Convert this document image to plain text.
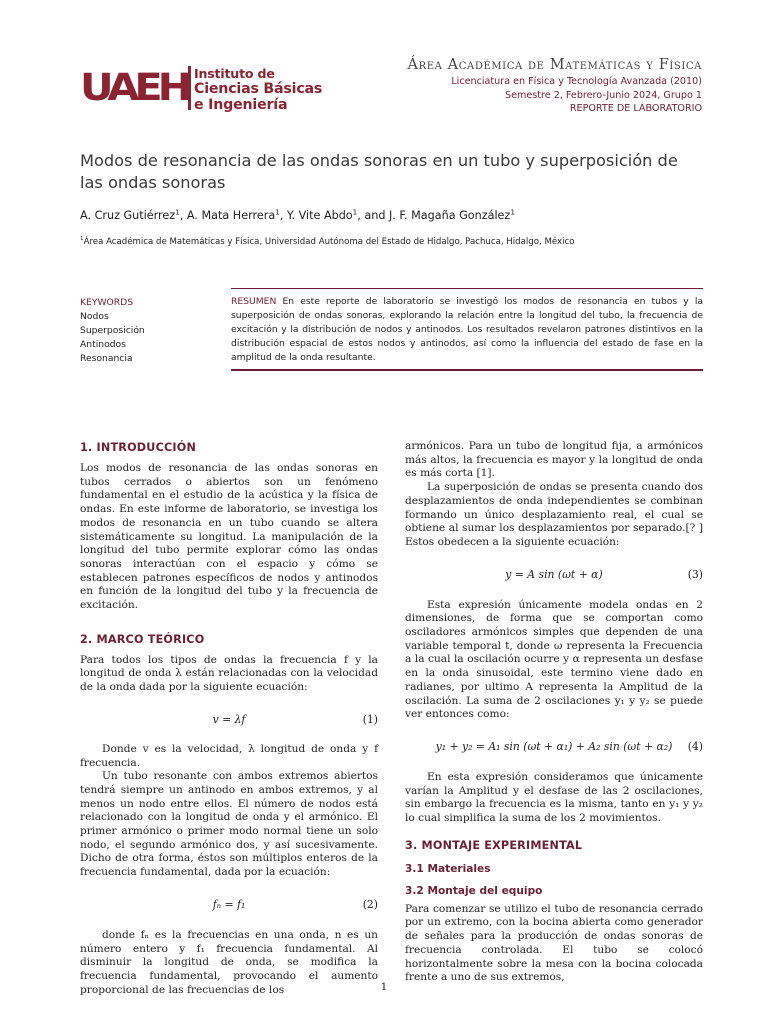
UAEH Instituto de
Ciencias Básicas
e Ingeniería
Área Académica de Matemáticas y Física
Licenciatura en Física y Tecnología Avanzada (2010)
Semestre 2, Febrero-Junio 2024, Grupo 1
REPORTE DE LABORATORIO
Modos de resonancia de las ondas sonoras en un tubo y superposición de las ondas sonoras
A. Cruz Gutiérrez$^1$, A. Mata Herrera$^1$, Y. Vite Abdo$^1$, and J. F. Magaña González$^1$
$^1$Área Académica de Matemáticas y Física, Universidad Autónoma del Estado de Hidalgo, Pachuca, Hidalgo, México
KEYWORDS
Nodos
Superposición
Antinodos
Resonancia
RESUMEN En este reporte de laboratorio se investigó los modos de resonancia en tubos y la superposición de ondas sonoras, explorando la relación entre la longitud del tubo, la frecuencia de excitación y la distribución de nodos y antinodos. Los resultados revelaron patrones distintivos en la distribución espacial de estos nodos y antinodos, así como la influencia del estado de fase en la amplitud de la onda resultante.
1. INTRODUCCIÓN

Los modos de resonancia de las ondas sonoras en tubos cerrados o abiertos son un fenómeno fundamental en el estudio de la acústica y la física de ondas. En este informe de laboratorio, se investiga los modos de resonancia en un tubo cuando se altera sistemáticamente su longitud. La manipulación de la longitud del tubo permite explorar cómo las ondas sonoras interactúan con el espacio y cómo se establecen patrones específicos de nodos y antinodos en función de la longitud del tubo y la frecuencia de excitación.

2. MARCO TEÓRICO

Para todos los tipos de ondas la frecuencia f y la longitud de onda λ están relacionadas con la velocidad de la onda dada por la siguiente ecuación:

v = λf	(1)

Donde v es la velocidad, λ longitud de onda y f frecuencia.

Un tubo resonante con ambos extremos abiertos tendrá siempre un antinodo en ambos extremos, y al menos un nodo entre ellos. El número de nodos está relacionado con la longitud de onda y el armónico. El primer armónico o primer modo normal tiene un solo nodo, el segundo armónico dos, y así sucesivamente. Dicho de otra forma, éstos son múltiplos enteros de la frecuencia fundamental, dada por la ecuación:

fₙ = f₁	(2)

donde fₙ es la frecuencias en una onda, n es un número entero y f₁ frecuencia fundamental. Al disminuir la longitud de onda, se modifica la frecuencia fundamental, provocando el aumento proporcional de las frecuencias de los

armónicos. Para un tubo de longitud fija, a armónicos más altos, la frecuencia es mayor y la longitud de onda es más corta [1].

La superposición de ondas se presenta cuando dos desplazamientos de onda independientes se combinan formando un único desplazamiento real, el cual se obtiene al sumar los desplazamientos por separado.[? ] Estos obedecen a la siguiente ecuación:

y = A sin (ωt + α)	(3)

Esta expresión únicamente modela ondas en 2 dimensiones, de forma que se comportan como osciladores armónicos simples que dependen de una variable temporal t, donde ω representa la Frecuencia a la cual la oscilación ocurre y α representa un desfase en la onda sinusoidal, este termino viene dado en radianes, por ultimo A representa la Amplitud de la oscilación. La suma de 2 oscilaciones y₁ y y₂ se puede ver entonces como:

y₁ + y₂ = A₁ sin (ωt + α₁) + A₂ sin (ωt + α₂)	(4)

En esta expresión consideramos que únicamente varían la Amplitud y el desfase de las 2 oscilaciones, sin embargo la frecuencia es la misma, tanto en y₁ y y₂ lo cual simplifica la suma de los 2 movimientos.

3. MONTAJE EXPERIMENTAL
3.1 Materiales
3.2 Montaje del equipo

Para comenzar se utilizo el tubo de resonancia cerrado por un extremo, con la bocina abierta como generador de señales para la producción de ondas sonoras de frecuencia controlada. El tubo se colocó horizontalmente sobre la mesa con la bocina colocada frente a uno de sus extremos,

1
